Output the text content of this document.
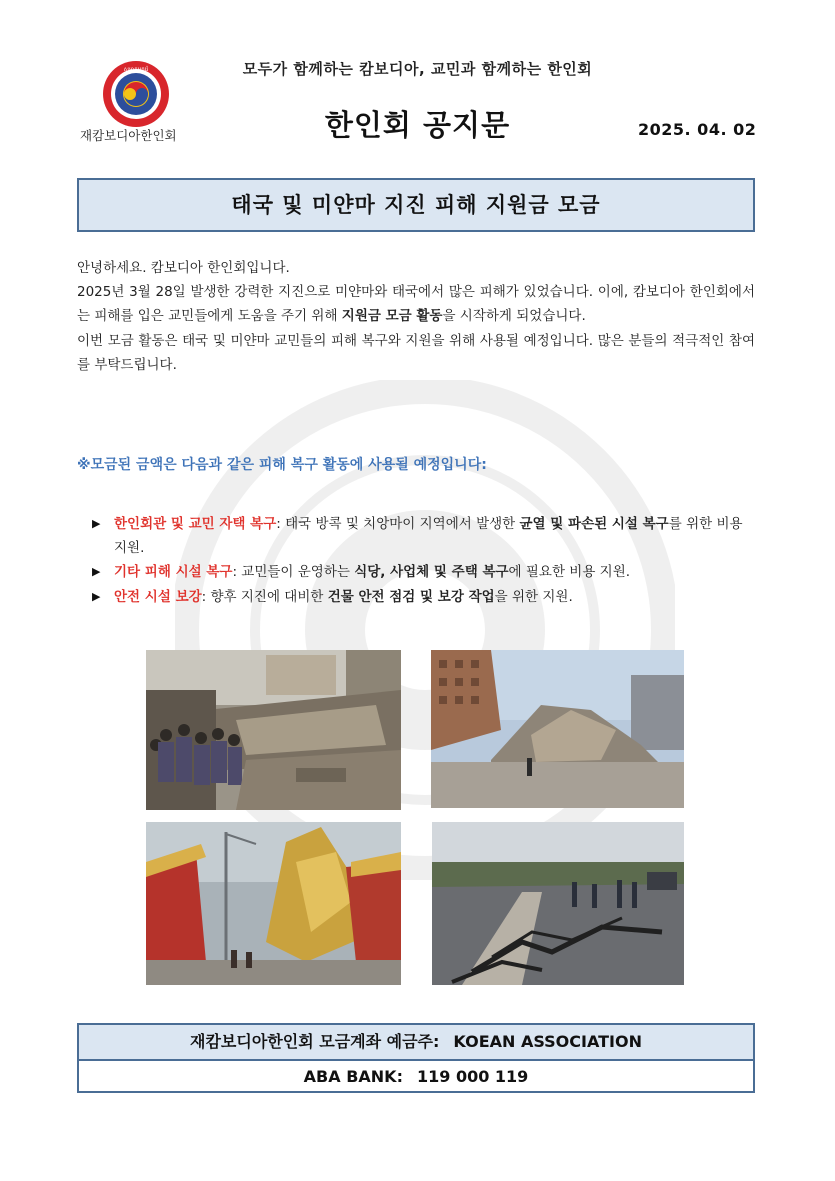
모두가 함께하는 캄보디아, 교민과 함께하는 한인회
សមាគមកូរ៉េ
재캄보디아한인회	한인회 공지문	2025. 04. 02
태국 및 미얀마 지진 피해 지원금 모금

안녕하세요. 캄보디아 한인회입니다.

2025년 3월 28일 발생한 강력한 지진으로 미얀마와 태국에서 많은 피해가 있었습니다. 이에, 캄보디아 한인회에서는 피해를 입은 교민들에게 도움을 주기 위해 지원금 모금 활동을 시작하게 되었습니다.

이번 모금 활동은 태국 및 미얀마 교민들의 피해 복구와 지원을 위해 사용될 예정입니다. 많은 분들의 적극적인 참여를 부탁드립니다.

※모금된 금액은 다음과 같은 피해 복구 활동에 사용될 예정입니다:
▶ 한인회관 및 교민 자택 복구: 태국 방콕 및 치앙마이 지역에서 발생한 균열 및 파손된 시설 복구를 위한 비용 지원.
▶ 기타 피해 시설 복구: 교민들이 운영하는 식당, 사업체 및 주택 복구에 필요한 비용 지원.
▶ 안전 시설 보강: 향후 지진에 대비한 건물 안전 점검 및 보강 작업을 위한 지원.
재캄보디아한인회 모금계좌 예금주: KOEAN ASSOCIATION
ABA BANK: 119 000 119
